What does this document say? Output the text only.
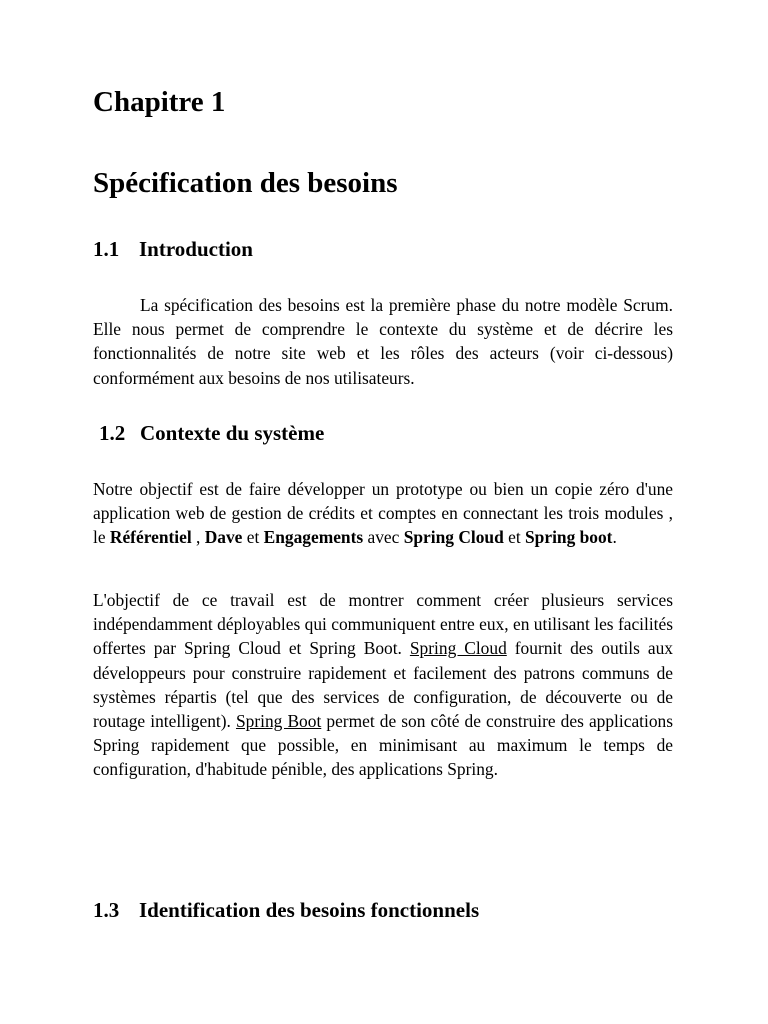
Chapitre 1
Spécification des besoins
1.1 Introduction

La spécification des besoins est la première phase du notre modèle Scrum. Elle nous permet de comprendre le contexte du système et de décrire les fonctionnalités de notre site web et les rôles des acteurs (voir ci-dessous) conformément aux besoins de nos utilisateurs.

1.2 Contexte du système

Notre objectif est de faire développer un prototype ou bien un copie zéro d'une application web de gestion de crédits et comptes en connectant les trois modules , le Référentiel , Dave et Engagements avec Spring Cloud et Spring boot.

L'objectif de ce travail est de montrer comment créer plusieurs services indépendamment déployables qui communiquent entre eux, en utilisant les facilités offertes par Spring Cloud et Spring Boot. Spring Cloud fournit des outils aux développeurs pour construire rapidement et facilement des patrons communs de systèmes répartis (tel que des services de configuration, de découverte ou de routage intelligent). Spring Boot permet de son côté de construire des applications Spring rapidement que possible, en minimisant au maximum le temps de configuration, d'habitude pénible, des applications Spring.

1.3 Identification des besoins fonctionnels
